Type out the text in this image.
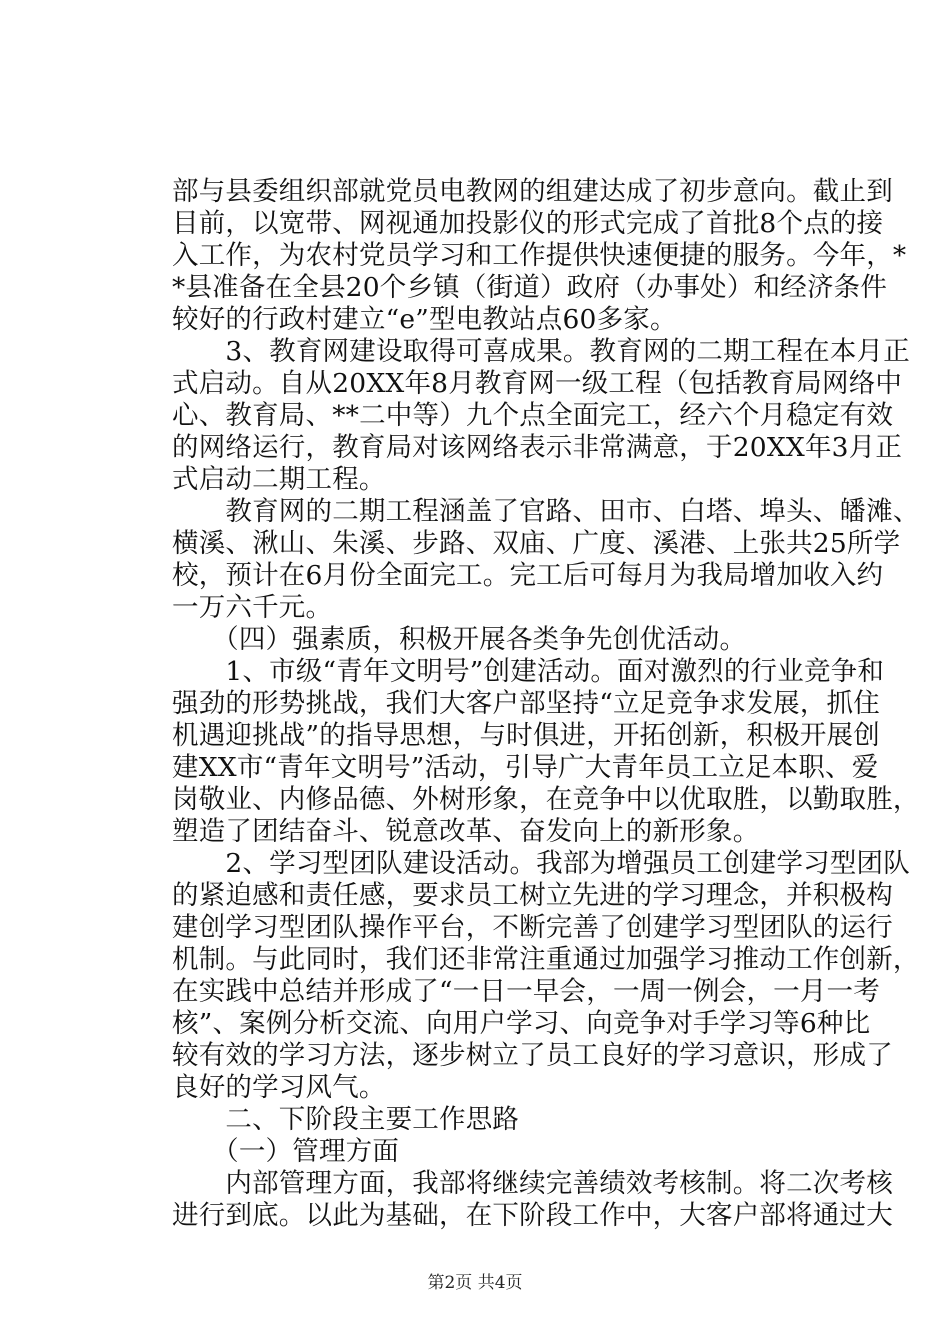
部与县委组织部就党员电教网的组建达成了初步意向。截止到
目前，以宽带、网视通加投影仪的形式完成了首批8个点的接
入工作，为农村党员学习和工作提供快速便捷的服务。今年，*
*县准备在全县20个乡镇（街道）政府（办事处）和经济条件
较好的行政村建立“e”型电教站点60多家。
　　3、教育网建设取得可喜成果。教育网的二期工程在本月正
式启动。自从20XX年8月教育网一级工程（包括教育局网络中
心、教育局、**二中等）九个点全面完工，经六个月稳定有效
的网络运行，教育局对该网络表示非常满意，于20XX年3月正
式启动二期工程。
　　教育网的二期工程涵盖了官路、田市、白塔、埠头、皤滩、
横溪、湫山、朱溪、步路、双庙、广度、溪港、上张共25所学
校，预计在6月份全面完工。完工后可每月为我局增加收入约
一万六千元。
　　（四）强素质，积极开展各类争先创优活动。
　　1、市级“青年文明号”创建活动。面对激烈的行业竞争和
强劲的形势挑战，我们大客户部坚持“立足竞争求发展，抓住
机遇迎挑战”的指导思想，与时俱进，开拓创新，积极开展创
建XX市“青年文明号”活动，引导广大青年员工立足本职、爱
岗敬业、内修品德、外树形象，在竞争中以优取胜，以勤取胜，
塑造了团结奋斗、锐意改革、奋发向上的新形象。
　　2、学习型团队建设活动。我部为增强员工创建学习型团队
的紧迫感和责任感，要求员工树立先进的学习理念，并积极构
建创学习型团队操作平台，不断完善了创建学习型团队的运行
机制。与此同时，我们还非常注重通过加强学习推动工作创新，
在实践中总结并形成了“一日一早会，一周一例会，一月一考
核”、案例分析交流、向用户学习、向竞争对手学习等6种比
较有效的学习方法，逐步树立了员工良好的学习意识，形成了
良好的学习风气。
　　二、下阶段主要工作思路
　　（一）管理方面
　　内部管理方面，我部将继续完善绩效考核制。将二次考核
进行到底。以此为基础，在下阶段工作中，大客户部将通过大
第2页 共4页
